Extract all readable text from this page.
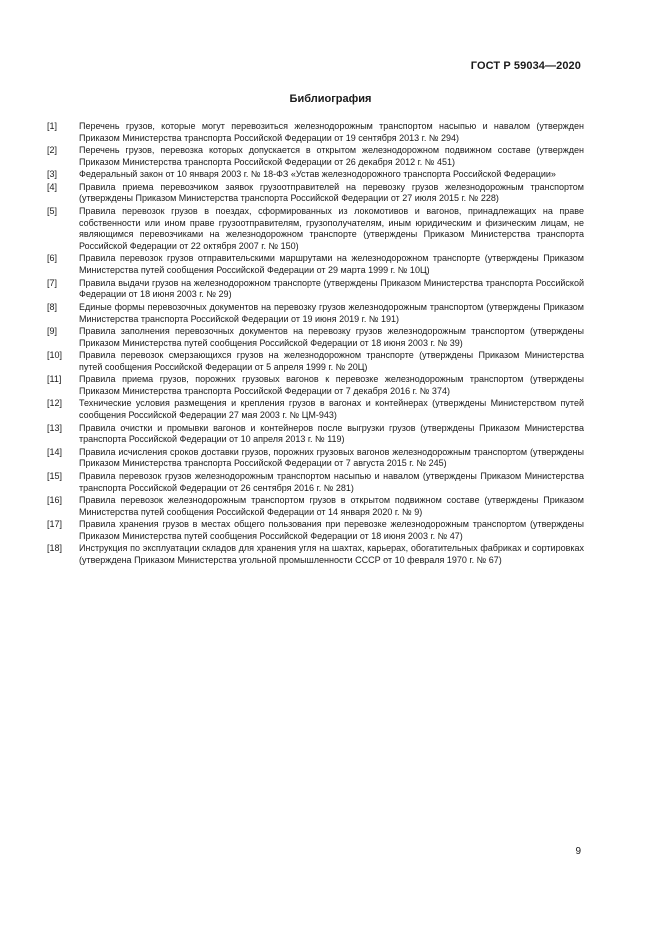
ГОСТ Р 59034—2020
Библиография
[1]	Перечень грузов, которые могут перевозиться железнодорожным транспортом насыпью и навалом (утвержден Приказом Министерства транспорта Российской Федерации от 19 сентября 2013 г. № 294)
[2]	Перечень грузов, перевозка которых допускается в открытом железнодорожном подвижном составе (утвержден Приказом Министерства транспорта Российской Федерации от 26 декабря 2012 г. № 451)
[3]	Федеральный закон от 10 января 2003 г. № 18-ФЗ «Устав железнодорожного транспорта Российской Федерации»
[4]	Правила приема перевозчиком заявок грузоотправителей на перевозку грузов железнодорожным транспортом (утверждены Приказом Министерства транспорта Российской Федерации от 27 июля 2015 г. № 228)
[5]	Правила перевозок грузов в поездах, сформированных из локомотивов и вагонов, принадлежащих на праве собственности или ином праве грузоотправителям, грузополучателям, иным юридическим и физическим лицам, не являющимся перевозчиками на железнодорожном транспорте (утверждены Приказом Министерства транспорта Российской Федерации от 22 октября 2007 г. № 150)
[6]	Правила перевозок грузов отправительскими маршрутами на железнодорожном транспорте (утверждены Приказом Министерства путей сообщения Российской Федерации от 29 марта 1999 г. № 10Ц)
[7]	Правила выдачи грузов на железнодорожном транспорте (утверждены Приказом Министерства транспорта Российской Федерации от 18 июня 2003 г. № 29)
[8]	Единые формы перевозочных документов на перевозку грузов железнодорожным транспортом (утверждены Приказом Министерства транспорта Российской Федерации от 19 июня 2019 г. № 191)
[9]	Правила заполнения перевозочных документов на перевозку грузов железнодорожным транспортом (утверждены Приказом Министерства путей сообщения Российской Федерации от 18 июня 2003 г. № 39)
[10]	Правила перевозок смерзающихся грузов на железнодорожном транспорте (утверждены Приказом Министерства путей сообщения Российской Федерации от 5 апреля 1999 г. № 20Ц)
[11]	Правила приема грузов, порожних грузовых вагонов к перевозке железнодорожным транспортом (утверждены Приказом Министерства транспорта Российской Федерации от 7 декабря 2016 г. № 374)
[12]	Технические условия размещения и крепления грузов в вагонах и контейнерах (утверждены Министерством путей сообщения Российской Федерации 27 мая 2003 г. № ЦМ-943)
[13]	Правила очистки и промывки вагонов и контейнеров после выгрузки грузов (утверждены Приказом Министерства транспорта Российской Федерации от 10 апреля 2013 г. № 119)
[14]	Правила исчисления сроков доставки грузов, порожних грузовых вагонов железнодорожным транспортом (утверждены Приказом Министерства транспорта Российской Федерации от 7 августа 2015 г. № 245)
[15]	Правила перевозок грузов железнодорожным транспортом насыпью и навалом (утверждены Приказом Министерства транспорта Российской Федерации от 26 сентября 2016 г. № 281)
[16]	Правила перевозок железнодорожным транспортом грузов в открытом подвижном составе (утверждены Приказом Министерства путей сообщения Российской Федерации от 14 января 2020 г. № 9)
[17]	Правила хранения грузов в местах общего пользования при перевозке железнодорожным транспортом (утверждены Приказом Министерства путей сообщения Российской Федерации от 18 июня 2003 г. № 47)
[18]	Инструкция по эксплуатации складов для хранения угля на шахтах, карьерах, обогатительных фабриках и сортировках (утверждена Приказом Министерства угольной промышленности СССР от 10 февраля 1970 г. № 67)
9
